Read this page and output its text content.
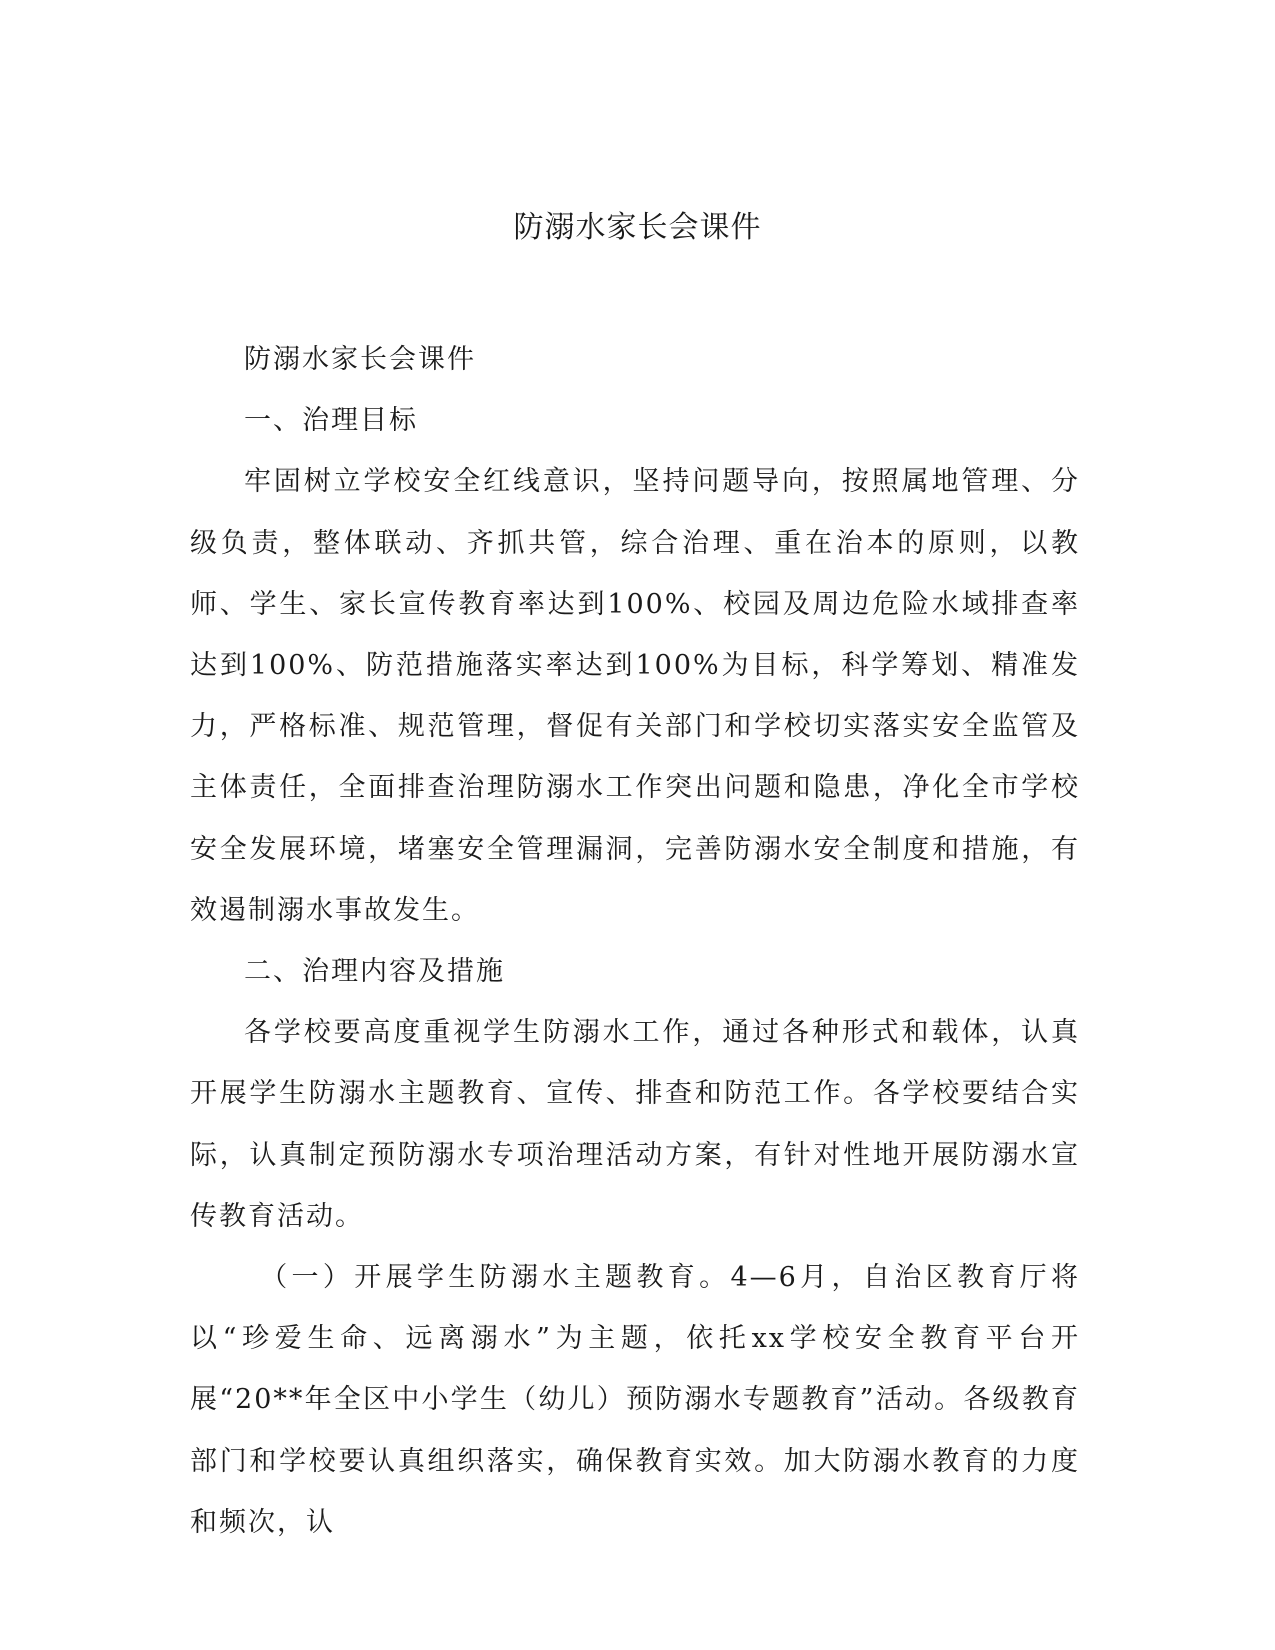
防溺水家长会课件

防溺水家长会课件

一、治理目标

牢固树立学校安全红线意识，坚持问题导向，按照属地管理、分级负责，整体联动、齐抓共管，综合治理、重在治本的原则，以教师、学生、家长宣传教育率达到100%、校园及周边危险水域排查率达到100%、防范措施落实率达到100%为目标，科学筹划、精准发力，严格标准、规范管理，督促有关部门和学校切实落实安全监管及主体责任，全面排查治理防溺水工作突出问题和隐患，净化全市学校安全发展环境，堵塞安全管理漏洞，完善防溺水安全制度和措施，有效遏制溺水事故发生。

二、治理内容及措施

各学校要高度重视学生防溺水工作，通过各种形式和载体，认真开展学生防溺水主题教育、宣传、排查和防范工作。各学校要结合实际，认真制定预防溺水专项治理活动方案，有针对性地开展防溺水宣传教育活动。

（一）开展学生防溺水主题教育。4—6月，自治区教育厅将以“珍爱生命、远离溺水”为主题，依托xx学校安全教育平台开展“20**年全区中小学生（幼儿）预防溺水专题教育”活动。各级教育部门和学校要认真组织落实，确保教育实效。加大防溺水教育的力度和频次，认
